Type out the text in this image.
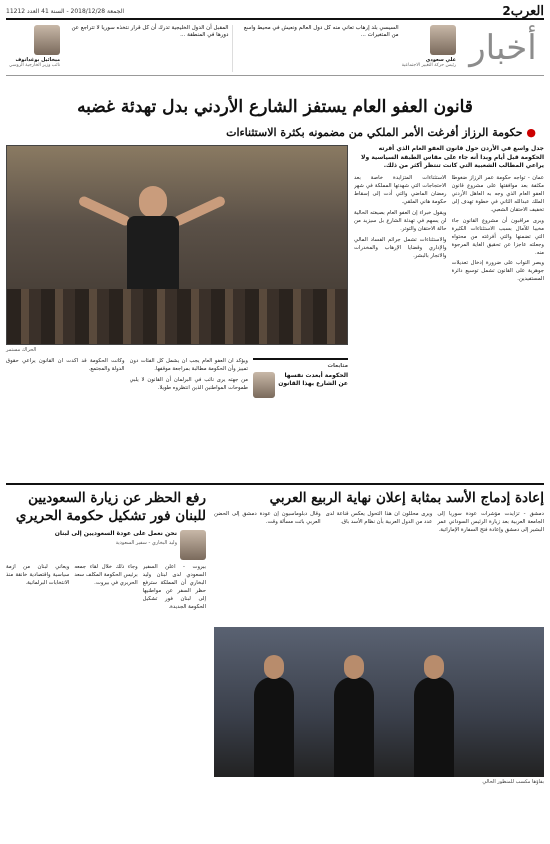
العرب
2
الجمعة 2018/12/28 - السنة 41 العدد 11212
أخبار
علي سعودي
رئيس حركة التغيير الاجتماعية
السيسي بلد إرهاب تعاني منه كل دول العالم ونعيش في محيط واسع من المتغيرات ...
المقبل أن الدول الخليجية تدرك أن كل قرار نتخذه سوريا لا تتراجع عن دورها في المنطقة ...
ميخائيل بوغدانوف
نائب وزير الخارجية الروسي
قانون العفو العام يستفز الشارع الأردني بدل تهدئة غضبه
● حكومة الرزاز أفرغت الأمر الملكي من مضمونه بكثرة الاستثناءات
جدل واسع في الأردن حول قانون العفو العام الذي أقرته الحكومة قبل أيام وبدا أنه جاء على مقاس الطبقة السياسية ولا يراعي المطالب الشعبية التي كانت تنتظر أكثر من ذلك.

عمان - تواجه حكومة عمر الرزاز ضغوطا مكثفة بعد موافقتها على مشروع قانون العفو العام الذي وجه به العاهل الأردني الملك عبدالله الثاني في خطوة تهدف إلى تخفيف الاحتقان الشعبي.

ويرى مراقبون أن مشروع القانون جاء مخيبا للآمال بسبب الاستثناءات الكثيرة التي تضمنها والتي أفرغته من محتواه وجعلته عاجزا عن تحقيق الغاية المرجوة منه.

ويصر النواب على ضرورة إدخال تعديلات جوهرية على القانون تشمل توسيع دائرة المستفيدين.

الاستثناءات المتزايدة خاصة بعد الاحتجاجات التي شهدتها المملكة في شهر رمضان الماضي والتي أدت إلى إسقاط حكومة هاني الملقي.

ويقول خبراء إن العفو العام بصيغته الحالية لن يسهم في تهدئة الشارع بل سيزيد من حالة الاحتقان والتوتر.

والاستثناءات تشمل جرائم الفساد المالي والإداري وقضايا الإرهاب والمخدرات والاتجار بالبشر.

الحراك مستمر
متابعات
الحكومة أبعدت نفسها عن الشارع بهذا القانون

ويؤكد أن العفو العام يجب أن يشمل كل الفئات دون تمييز وأن الحكومة مطالبة بمراجعة موقفها.

من جهته يرى نائب في البرلمان أن القانون لا يلبي طموحات المواطنين الذين انتظروه طويلا.

وكانت الحكومة قد أكدت أن القانون يراعي حقوق الدولة والمجتمع.

إعادة إدماج الأسد بمثابة إعلان نهاية الربيع العربي

دمشق - تزايدت مؤشرات عودة سوريا إلى الجامعة العربية بعد زيارة الرئيس السوداني عمر البشير إلى دمشق وإعادة فتح السفارة الإماراتية.

ويرى محللون أن هذا التحول يعكس قناعة لدى عدد من الدول العربية بأن نظام الأسد باق.

وقال دبلوماسيون إن عودة دمشق إلى الحضن العربي باتت مسألة وقت.

بقاؤها مكسب للمنظور الحالي
رفع الحظر عن زيارة السعوديين للبنان فور تشكيل حكومة الحريري
نحن نعمل على عودة السعوديين إلى لبنان
وليد البخاري - سفير السعودية

بيروت - أعلن السفير السعودي لدى لبنان وليد البخاري أن المملكة سترفع حظر السفر عن مواطنيها إلى لبنان فور تشكيل الحكومة الجديدة.

وجاء ذلك خلال لقاء جمعه برئيس الحكومة المكلف سعد الحريري في بيروت.

ويعاني لبنان من أزمة سياسية واقتصادية خانقة منذ الانتخابات البرلمانية.
